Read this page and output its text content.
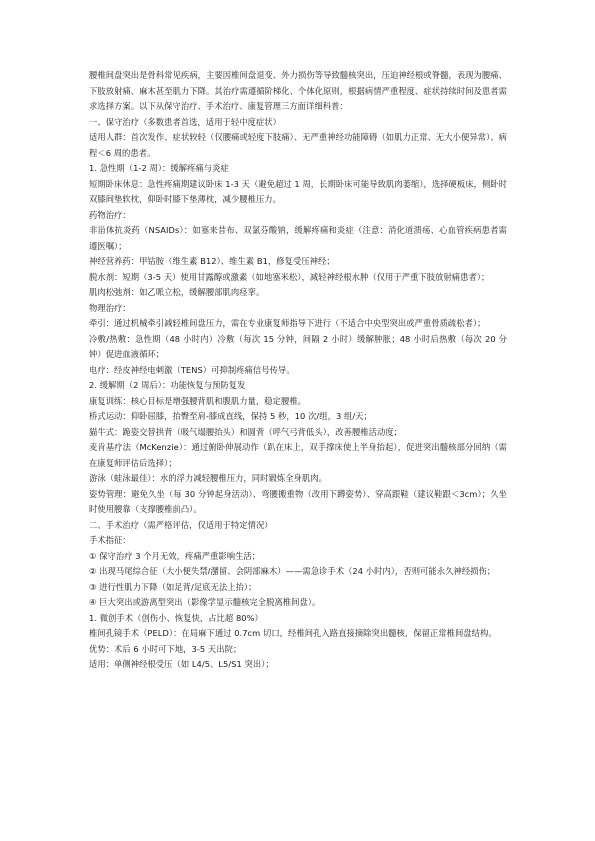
腰椎间盘突出是骨科常见疾病，主要因椎间盘退变、外力损伤等导致髓核突出，压迫神经根或脊髓，表现为腰痛、下肢放射痛、麻木甚至肌力下降。其治疗需遵循阶梯化、个体化原则，根据病情严重程度、症状持续时间及患者需求选择方案。以下从保守治疗、手术治疗、康复管理三方面详细科普：

一、保守治疗（多数患者首选，适用于轻中度症状）

适用人群：首次发作、症状较轻（仅腰痛或轻度下肢痛）、无严重神经功能障碍（如肌力正常、无大小便异常）、病程＜6 周的患者。

1. 急性期（1-2 周）：缓解疼痛与炎症

短期卧床休息：急性疼痛期建议卧床 1-3 天（避免超过 1 周，长期卧床可能导致肌肉萎缩），选择硬板床，侧卧时双膝间垫软枕，仰卧时膝下垫薄枕，减少腰椎压力。

药物治疗：

非甾体抗炎药（NSAIDs）：如塞来昔布、双氯芬酸钠，缓解疼痛和炎症（注意：消化道溃疡、心血管疾病患者需遵医嘱）；

神经营养药：甲钴胺（维生素 B12）、维生素 B1，修复受压神经；

脱水剂：短期（3-5 天）使用甘露醇或激素（如地塞米松），减轻神经根水肿（仅用于严重下肢放射痛患者）；

肌肉松弛剂：如乙哌立松，缓解腰部肌肉痉挛。

物理治疗：

牵引：通过机械牵引减轻椎间盘压力，需在专业康复师指导下进行（不适合中央型突出或严重骨质疏松者）；

冷敷/热敷：急性期（48 小时内）冷敷（每次 15 分钟，间隔 2 小时）缓解肿胀；48 小时后热敷（每次 20 分钟）促进血液循环；

电疗：经皮神经电刺激（TENS）可抑制疼痛信号传导。

2. 缓解期（2 周后）：功能恢复与预防复发

康复训练：核心目标是增强腰背肌和腹肌力量，稳定腰椎。

桥式运动：仰卧屈膝，抬臀至肩-膝成直线，保持 5 秒，10 次/组，3 组/天；

猫牛式：跪姿交替拱背（吸气塌腰抬头）和圆背（呼气弓背低头），改善腰椎活动度；

麦肯基疗法（McKenzie）：通过俯卧伸展动作（趴在床上，双手撑床使上半身抬起），促进突出髓核部分回纳（需在康复师评估后选择）；

游泳（蛙泳最佳）：水的浮力减轻腰椎压力，同时锻炼全身肌肉。

姿势管理：避免久坐（每 30 分钟起身活动）、弯腰搬重物（改用下蹲姿势）、穿高跟鞋（建议鞋跟＜3cm）；久坐时使用腰靠（支撑腰椎前凸）。

二、手术治疗（需严格评估，仅适用于特定情况）

手术指征：

① 保守治疗 3 个月无效，疼痛严重影响生活；

② 出现马尾综合征（大小便失禁/潴留、会阴部麻木）——需急诊手术（24 小时内），否则可能永久神经损伤；

③ 进行性肌力下降（如足背/足底无法上抬）；

④ 巨大突出或游离型突出（影像学显示髓核完全脱离椎间盘）。

1. 微创手术（创伤小、恢复快，占比超 80%）

椎间孔镜手术（PELD）：在局麻下通过 0.7cm 切口，经椎间孔入路直接摘除突出髓核，保留正常椎间盘结构。

优势：术后 6 小时可下地，3-5 天出院；

适用：单侧神经根受压（如 L4/5、L5/S1 突出）；
